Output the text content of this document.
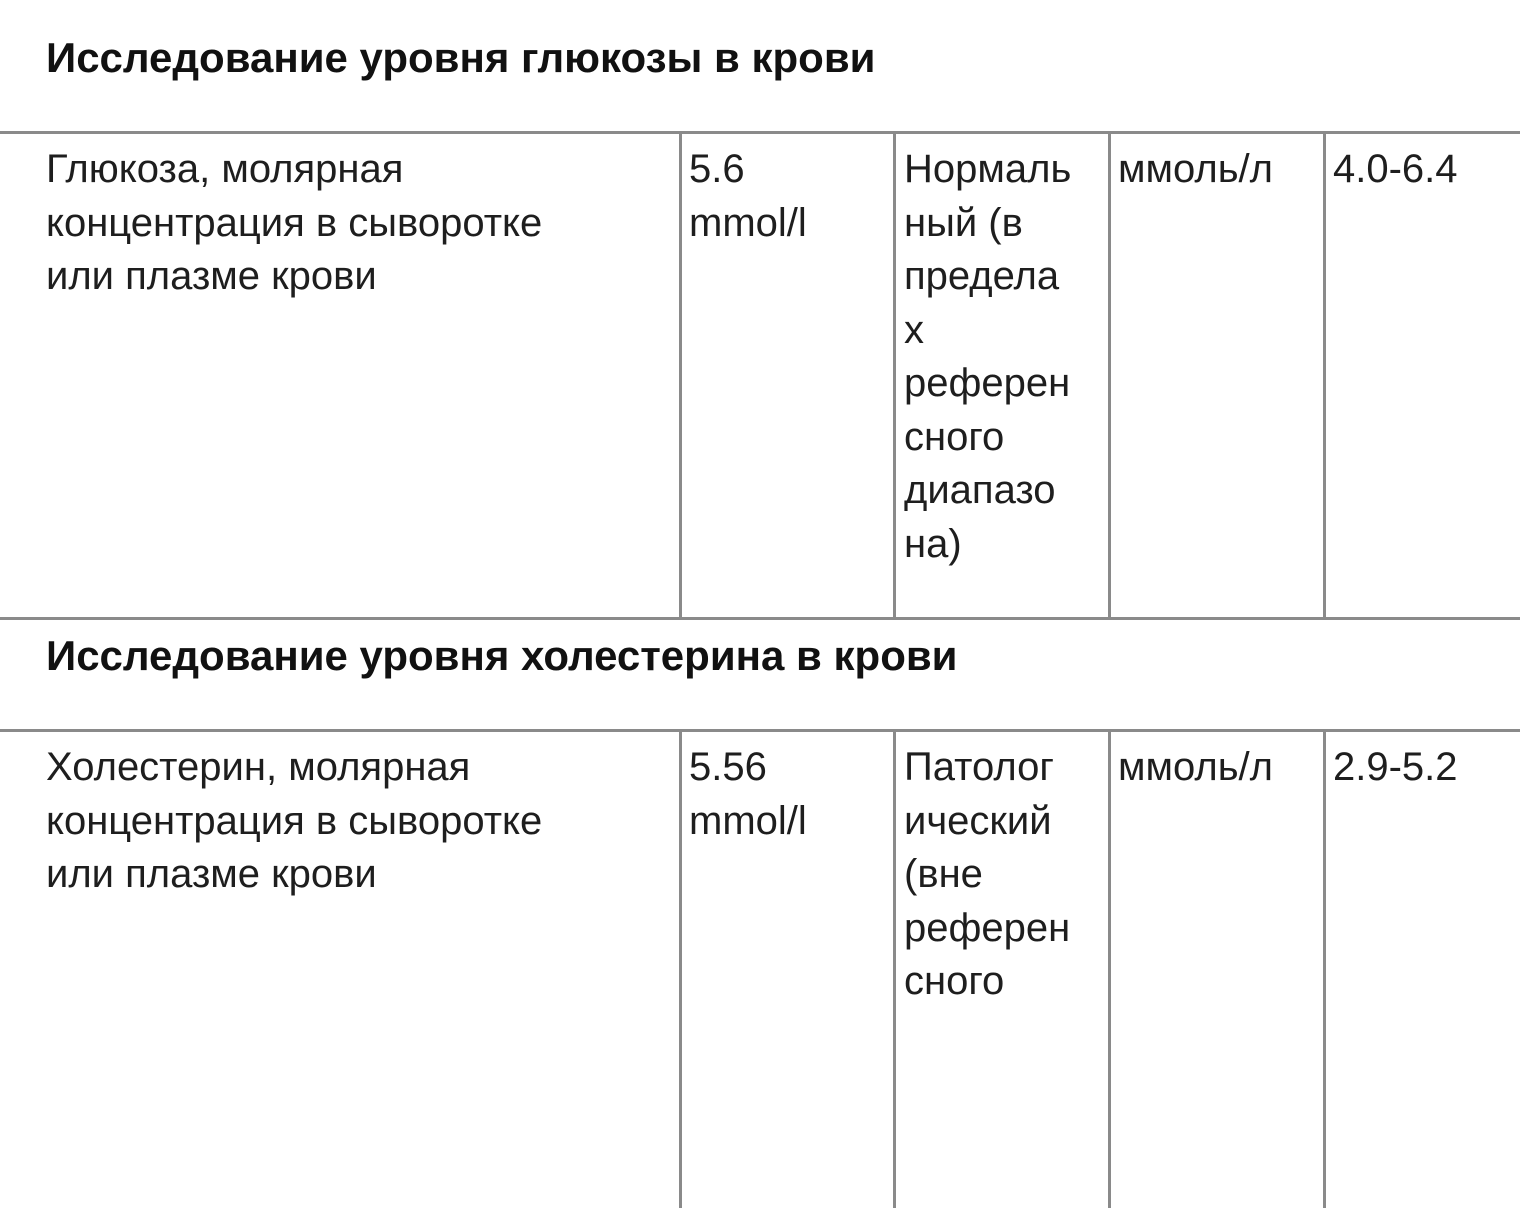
Исследование уровня глюкозы в крови
Глюкоза, молярная
концентрация в сыворотке
или плазме крови
5.6
mmol/l
Нормаль
ный (в
предела
х
референ
сного
диапазо
на)
ммоль/л 4.0-6.4
Исследование уровня холестерина в крови
Холестерин, молярная
концентрация в сыворотке
или плазме крови
5.56
mmol/l
Патолог
ический
(вне
референ
сного
ммоль/л 2.9-5.2
